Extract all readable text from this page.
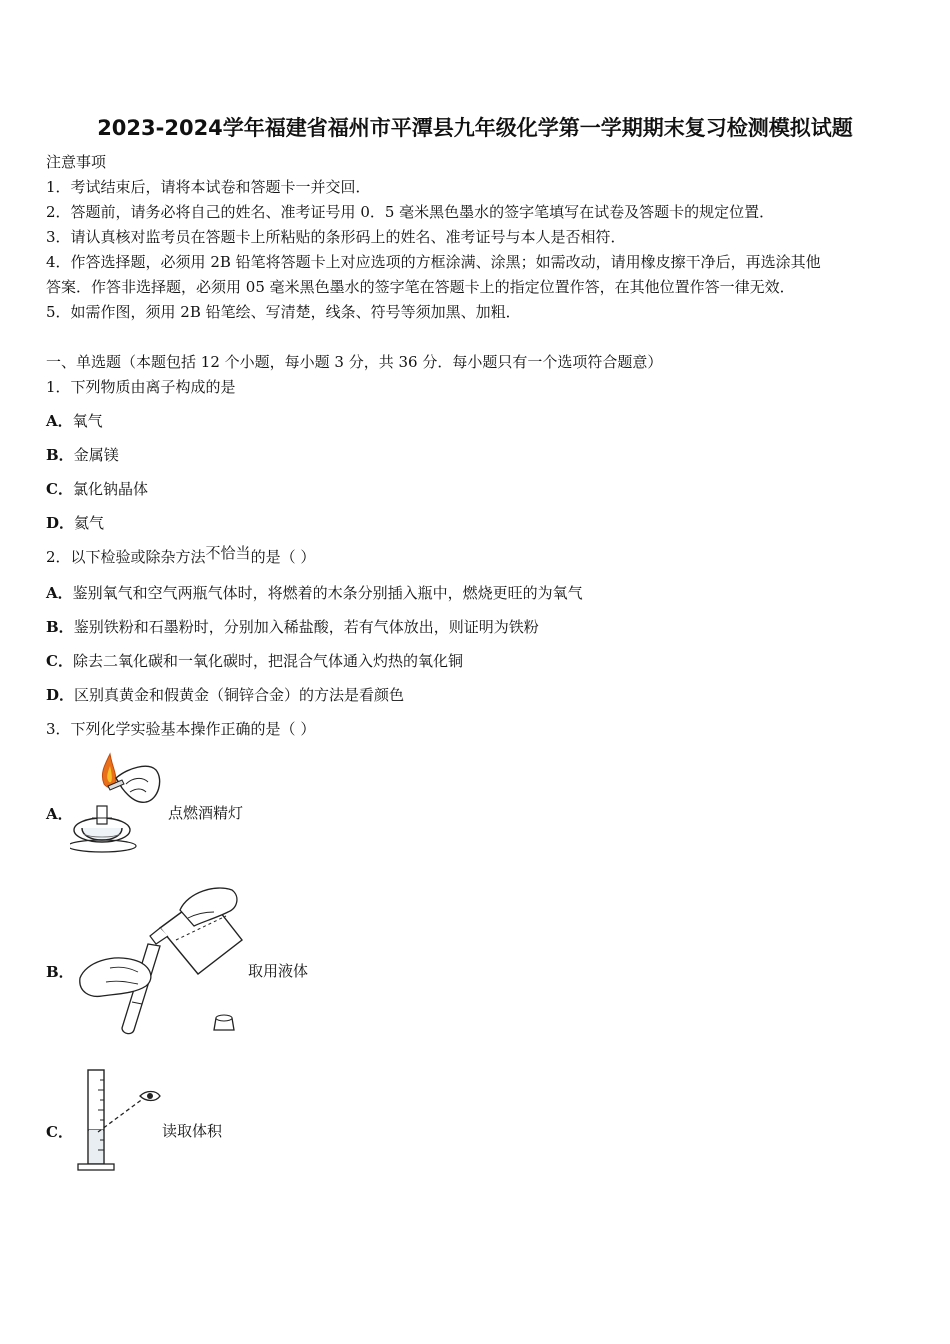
2023-2024学年福建省福州市平潭县九年级化学第一学期期末复习检测模拟试题
注意事项
1．考试结束后，请将本试卷和答题卡一并交回．
2．答题前，请务必将自己的姓名、准考证号用 0．5 毫米黑色墨水的签字笔填写在试卷及答题卡的规定位置．
3．请认真核对监考员在答题卡上所粘贴的条形码上的姓名、准考证号与本人是否相符．
4．作答选择题，必须用 2B 铅笔将答题卡上对应选项的方框涂满、涂黑；如需改动，请用橡皮擦干净后，再选涂其他
答案．作答非选择题，必须用 05 毫米黑色墨水的签字笔在答题卡上的指定位置作答，在其他位置作答一律无效．
5．如需作图，须用 2B 铅笔绘、写清楚，线条、符号等须加黑、加粗．
一、单选题（本题包括 12 个小题，每小题 3 分，共 36 分．每小题只有一个选项符合题意）
1．下列物质由离子构成的是
A．氧气
B．金属镁
C．氯化钠晶体
D．氦气
2．以下检验或除杂方法不恰当的是（ ）
A．鉴别氧气和空气两瓶气体时，将燃着的木条分别插入瓶中，燃烧更旺的为氧气
B．鉴别铁粉和石墨粉时，分别加入稀盐酸，若有气体放出，则证明为铁粉
C．除去二氧化碳和一氧化碳时，把混合气体通入灼热的氧化铜
D．区别真黄金和假黄金（铜锌合金）的方法是看颜色
3．下列化学实验基本操作正确的是（ ）
A．	点燃酒精灯
B．	取用液体
C．	读取体积
